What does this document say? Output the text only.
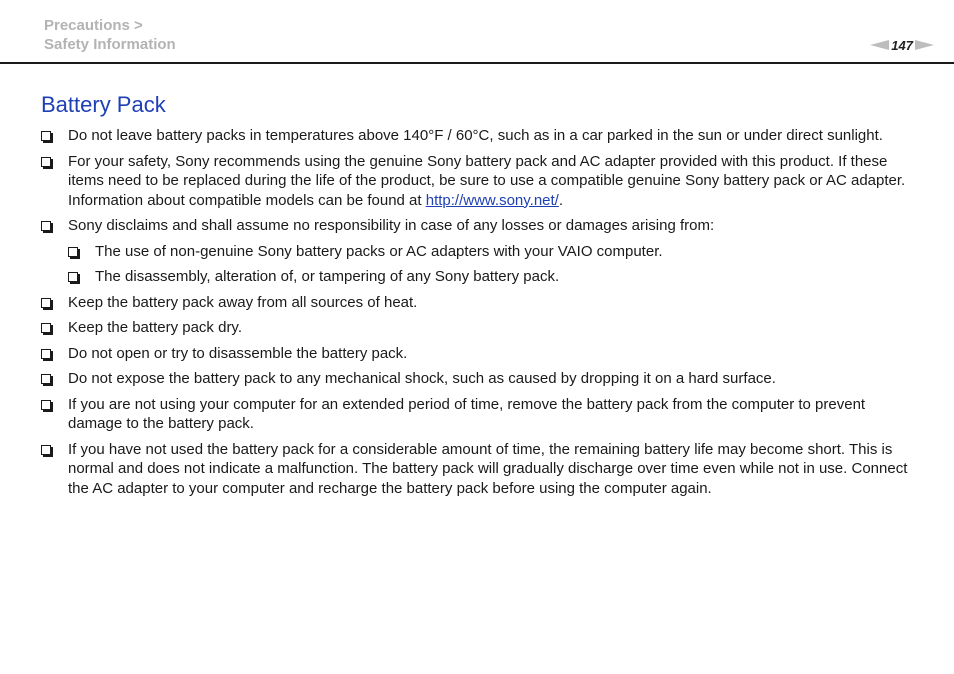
Precautions >
Safety Information	147
Battery Pack
Do not leave battery packs in temperatures above 140°F / 60°C, such as in a car parked in the sun or under direct sunlight.
For your safety, Sony recommends using the genuine Sony battery pack and AC adapter provided with this product. If these items need to be replaced during the life of the product, be sure to use a compatible genuine Sony battery pack or AC adapter. Information about compatible models can be found at http://www.sony.net/.
Sony disclaims and shall assume no responsibility in case of any losses or damages arising from:
The use of non-genuine Sony battery packs or AC adapters with your VAIO computer.
The disassembly, alteration of, or tampering of any Sony battery pack.
Keep the battery pack away from all sources of heat.
Keep the battery pack dry.
Do not open or try to disassemble the battery pack.
Do not expose the battery pack to any mechanical shock, such as caused by dropping it on a hard surface.
If you are not using your computer for an extended period of time, remove the battery pack from the computer to prevent damage to the battery pack.
If you have not used the battery pack for a considerable amount of time, the remaining battery life may become short. This is normal and does not indicate a malfunction. The battery pack will gradually discharge over time even while not in use. Connect the AC adapter to your computer and recharge the battery pack before using the computer again.
